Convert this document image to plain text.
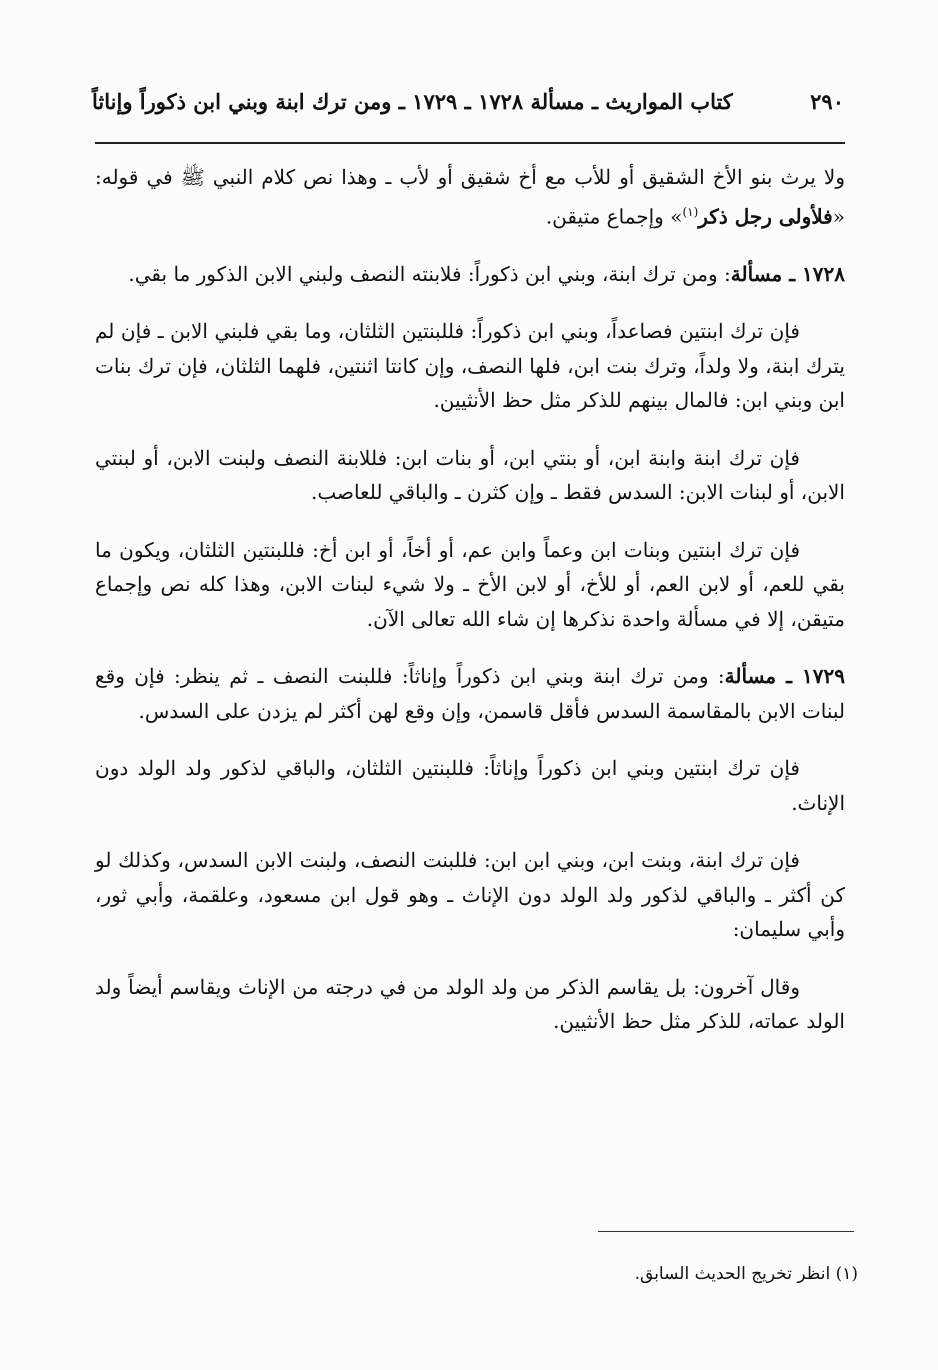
٢٩٠
كتاب المواريث ـ مسألة ١٧٢٨ ـ ١٧٢٩ ـ ومن ترك ابنة وبني ابن ذكوراً وإناثاً

ولا يرث بنو الأخ الشقيق أو للأب مع أخ شقيق أو لأب ـ وهذا نص كلام النبي ﷺ في قوله: «فلأولى رجل ذكر$^{(١)}$» وإجماع متيقن.

١٧٢٨ ـ مسألة: ومن ترك ابنة، وبني ابن ذكوراً: فلابنته النصف ولبني الابن الذكور ما بقي.

فإن ترك ابنتين فصاعداً، وبني ابن ذكوراً: فللبنتين الثلثان، وما بقي فلبني الابن ـ فإن لم يترك ابنة، ولا ولداً، وترك بنت ابن، فلها النصف، وإن كانتا اثنتين، فلهما الثلثان، فإن ترك بنات ابن وبني ابن: فالمال بينهم للذكر مثل حظ الأنثيين.

فإن ترك ابنة وابنة ابن، أو بنتي ابن، أو بنات ابن: فللابنة النصف ولبنت الابن، أو لبنتي الابن، أو لبنات الابن: السدس فقط ـ وإن كثرن ـ والباقي للعاصب.

فإن ترك ابنتين وبنات ابن وعماً وابن عم، أو أخاً، أو ابن أخ: فللبنتين الثلثان، ويكون ما بقي للعم، أو لابن العم، أو للأخ، أو لابن الأخ ـ ولا شيء لبنات الابن، وهذا كله نص وإجماع متيقن، إلا في مسألة واحدة نذكرها إن شاء الله تعالى الآن.

١٧٢٩ ـ مسألة: ومن ترك ابنة وبني ابن ذكوراً وإناثاً: فللبنت النصف ـ ثم ينظر: فإن وقع لبنات الابن بالمقاسمة السدس فأقل قاسمن، وإن وقع لهن أكثر لم يزدن على السدس.

فإن ترك ابنتين وبني ابن ذكوراً وإناثاً: فللبنتين الثلثان، والباقي لذكور ولد الولد دون الإناث.

فإن ترك ابنة، وبنت ابن، وبني ابن ابن: فللبنت النصف، ولبنت الابن السدس، وكذلك لو كن أكثر ـ والباقي لذكور ولد الولد دون الإناث ـ وهو قول ابن مسعود، وعلقمة، وأبي ثور، وأبي سليمان:

وقال آخرون: بل يقاسم الذكر من ولد الولد من في درجته من الإناث ويقاسم أيضاً ولد الولد عماته، للذكر مثل حظ الأنثيين.

(١) انظر تخريج الحديث السابق.
